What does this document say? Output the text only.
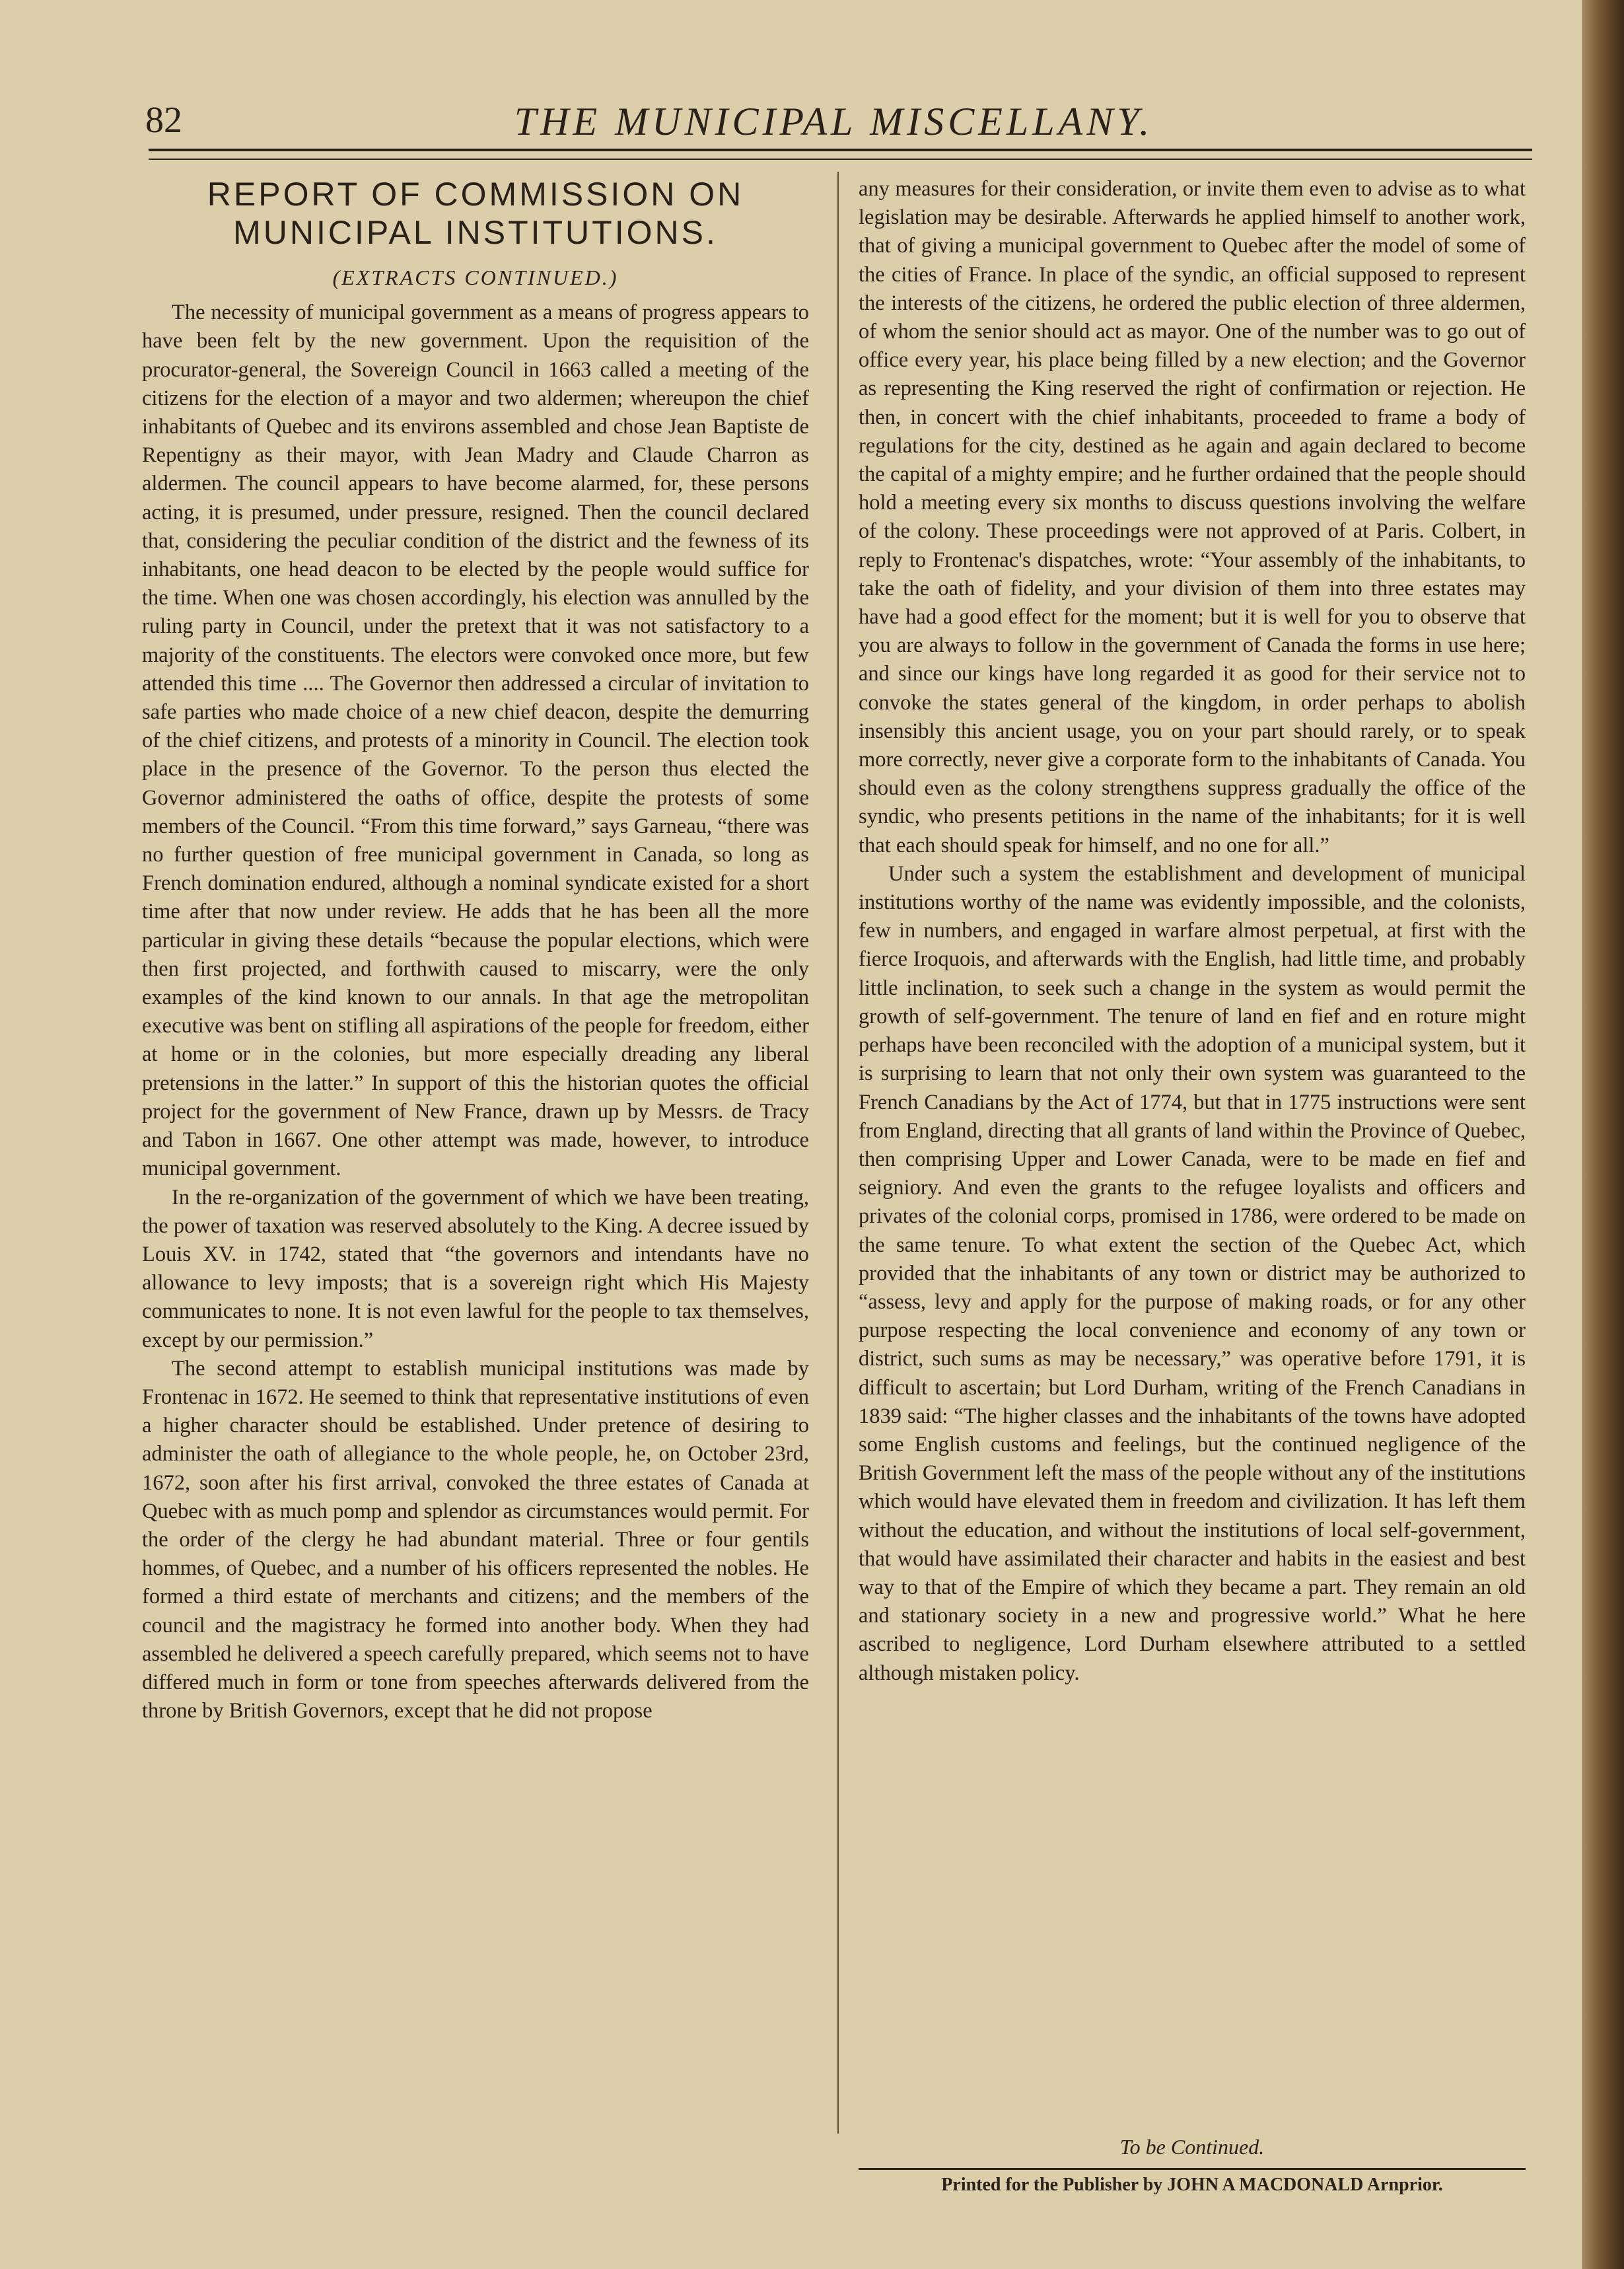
82	THE MUNICIPAL MISCELLANY.
REPORT OF COMMISSION ON MUNICIPAL INSTITUTIONS.
(EXTRACTS CONTINUED.)

The necessity of municipal government as a means of progress appears to have been felt by the new government. Upon the requisition of the procurator-general, the Sovereign Council in 1663 called a meeting of the citizens for the election of a mayor and two aldermen; whereupon the chief inhabitants of Quebec and its environs assembled and chose Jean Baptiste de Repentigny as their mayor, with Jean Madry and Claude Charron as aldermen. The council appears to have become alarmed, for, these persons acting, it is presumed, under pressure, resigned. Then the council declared that, considering the peculiar condition of the district and the fewness of its inhabitants, one head deacon to be elected by the people would suffice for the time. When one was chosen accordingly, his election was annulled by the ruling party in Council, under the pretext that it was not satisfactory to a majority of the constituents. The electors were convoked once more, but few attended this time .... The Governor then addressed a circular of invitation to safe parties who made choice of a new chief deacon, despite the demurring of the chief citizens, and protests of a minority in Council. The election took place in the presence of the Governor. To the person thus elected the Governor administered the oaths of office, despite the protests of some members of the Council. “From this time forward,” says Garneau, “there was no further question of free municipal government in Canada, so long as French domination endured, although a nominal syndicate existed for a short time after that now under review. He adds that he has been all the more particular in giving these details “because the popular elections, which were then first projected, and forthwith caused to miscarry, were the only examples of the kind known to our annals. In that age the metropolitan executive was bent on stifling all aspirations of the people for freedom, either at home or in the colonies, but more especially dreading any liberal pretensions in the latter.” In support of this the historian quotes the official project for the government of New France, drawn up by Messrs. de Tracy and Tabon in 1667. One other attempt was made, however, to introduce municipal government.

In the re-organization of the government of which we have been treating, the power of taxation was reserved absolutely to the King. A decree issued by Louis XV. in 1742, stated that “the governors and intendants have no allowance to levy imposts; that is a sovereign right which His Majesty communicates to none. It is not even lawful for the people to tax themselves, except by our permission.”

The second attempt to establish municipal institutions was made by Frontenac in 1672. He seemed to think that representative institutions of even a higher character should be established. Under pretence of desiring to administer the oath of allegiance to the whole people, he, on October 23rd, 1672, soon after his first arrival, convoked the three estates of Canada at Quebec with as much pomp and splendor as circumstances would permit. For the order of the clergy he had abundant material. Three or four gentils hommes, of Quebec, and a number of his officers represented the nobles. He formed a third estate of merchants and citizens; and the members of the council and the magistracy he formed into another body. When they had assembled he delivered a speech carefully prepared, which seems not to have differed much in form or tone from speeches afterwards delivered from the throne by British Governors, except that he did not propose

any measures for their consideration, or invite them even to advise as to what legislation may be desirable. Afterwards he applied himself to another work, that of giving a municipal government to Quebec after the model of some of the cities of France. In place of the syndic, an official supposed to represent the interests of the citizens, he ordered the public election of three aldermen, of whom the senior should act as mayor. One of the number was to go out of office every year, his place being filled by a new election; and the Governor as representing the King reserved the right of confirmation or rejection. He then, in concert with the chief inhabitants, proceeded to frame a body of regulations for the city, destined as he again and again declared to become the capital of a mighty empire; and he further ordained that the people should hold a meeting every six months to discuss questions involving the welfare of the colony. These proceedings were not approved of at Paris. Colbert, in reply to Frontenac's dispatches, wrote: “Your assembly of the inhabitants, to take the oath of fidelity, and your division of them into three estates may have had a good effect for the moment; but it is well for you to observe that you are always to follow in the government of Canada the forms in use here; and since our kings have long regarded it as good for their service not to convoke the states general of the kingdom, in order perhaps to abolish insensibly this ancient usage, you on your part should rarely, or to speak more correctly, never give a corporate form to the inhabitants of Canada. You should even as the colony strengthens suppress gradually the office of the syndic, who presents petitions in the name of the inhabitants; for it is well that each should speak for himself, and no one for all.”

Under such a system the establishment and development of municipal institutions worthy of the name was evidently impossible, and the colonists, few in numbers, and engaged in warfare almost perpetual, at first with the fierce Iroquois, and afterwards with the English, had little time, and probably little inclination, to seek such a change in the system as would permit the growth of self-government. The tenure of land en fief and en roture might perhaps have been reconciled with the adoption of a municipal system, but it is surprising to learn that not only their own system was guaranteed to the French Canadians by the Act of 1774, but that in 1775 instructions were sent from England, directing that all grants of land within the Province of Quebec, then comprising Upper and Lower Canada, were to be made en fief and seigniory. And even the grants to the refugee loyalists and officers and privates of the colonial corps, promised in 1786, were ordered to be made on the same tenure. To what extent the section of the Quebec Act, which provided that the inhabitants of any town or district may be authorized to “assess, levy and apply for the purpose of making roads, or for any other purpose respecting the local convenience and economy of any town or district, such sums as may be necessary,” was operative before 1791, it is difficult to ascertain; but Lord Durham, writing of the French Canadians in 1839 said: “The higher classes and the inhabitants of the towns have adopted some English customs and feelings, but the continued negligence of the British Government left the mass of the people without any of the institutions which would have elevated them in freedom and civilization. It has left them without the education, and without the institutions of local self-government, that would have assimilated their character and habits in the easiest and best way to that of the Empire of which they became a part. They remain an old and stationary society in a new and progressive world.” What he here ascribed to negligence, Lord Durham elsewhere attributed to a settled although mistaken policy.

To be Continued.
Printed for the Publisher by JOHN A MACDONALD Arnprior.
